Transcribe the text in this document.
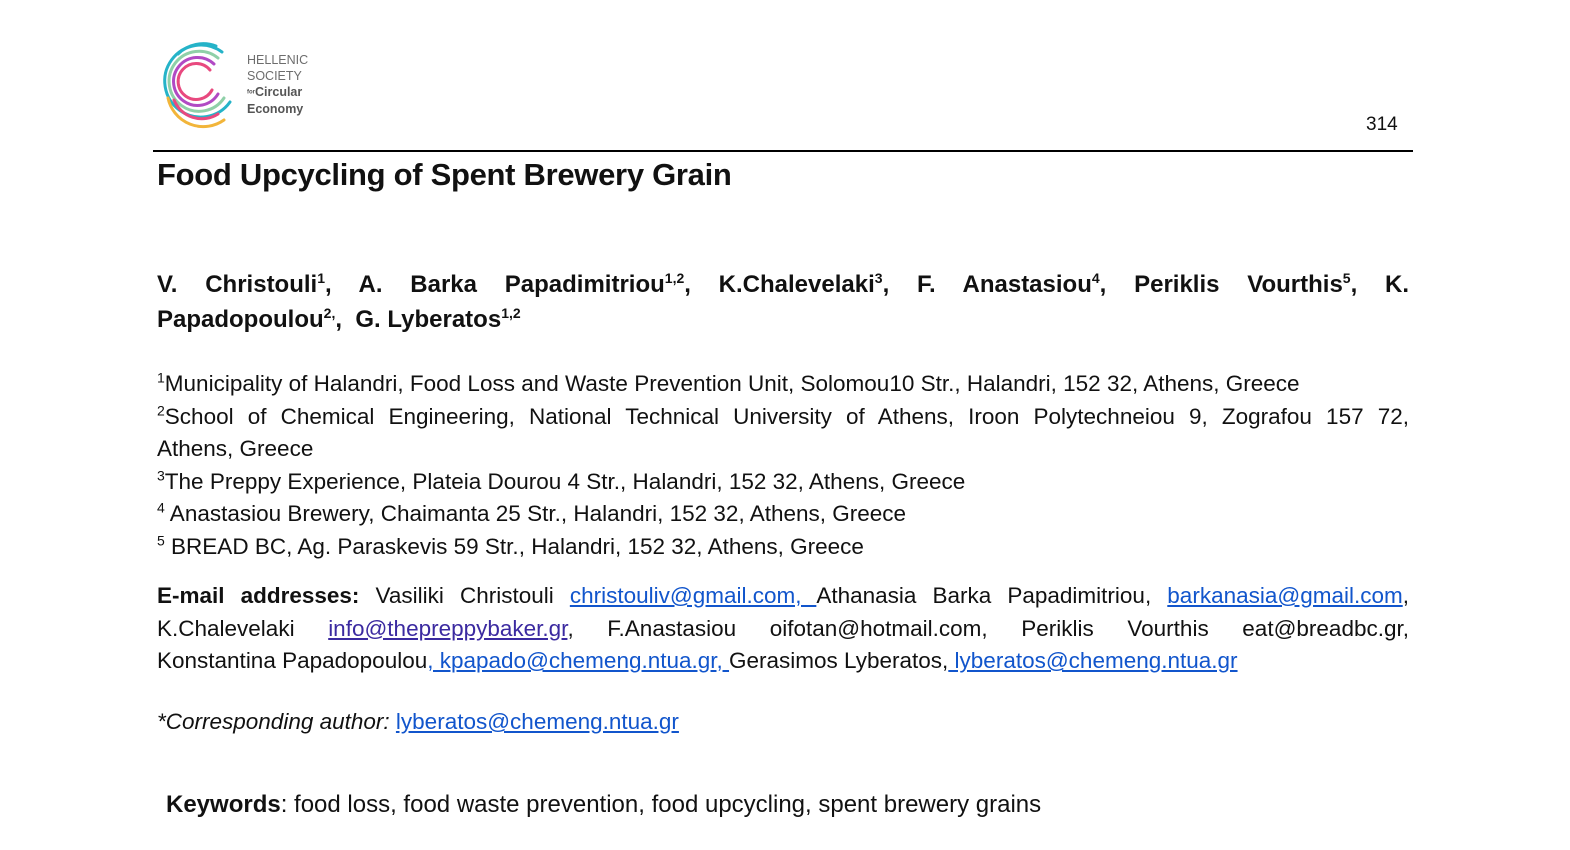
HELLENIC
SOCIETY
forCircular
Economy
314
Food Upcycling of Spent Brewery Grain
V. Christouli$^1$, A. Barka Papadimitriou$^{1,2}$, K.Chalevelaki$^3$, F. Anastasiou$^4$, Periklis Vourthis$^5$, K.
Papadopoulou$^{2,}$,  G. Lyberatos$^{1,2}$
$^1$Municipality of Halandri, Food Loss and Waste Prevention Unit, Solomou10 Str., Halandri, 152 32, Athens, Greece
$^2$School of Chemical Engineering, National Technical University of Athens, Iroon Polytechneiou 9, Zografou 157 72,
Athens, Greece
$^3$The Preppy Experience, Plateia Dourou 4 Str., Halandri, 152 32, Athens, Greece
$^4$ Anastasiou Brewery, Chaimanta 25 Str., Halandri, 152 32, Athens, Greece
$^5$ BREAD BC, Ag. Paraskevis 59 Str., Halandri, 152 32, Athens, Greece
E-mail addresses: Vasiliki Christouli christouliv@gmail.com, Athanasia Barka Papadimitriou, barkanasia@gmail.com,
K.Chalevelaki info@thepreppybaker.gr, F.Anastasiou oifotan@hotmail.com, Periklis Vourthis eat@breadbc.gr,
Konstantina Papadopoulou, kpapado@chemeng.ntua.gr, Gerasimos Lyberatos, lyberatos@chemeng.ntua.gr
*Corresponding author: lyberatos@chemeng.ntua.gr
Keywords: food loss, food waste prevention, food upcycling, spent brewery grains
